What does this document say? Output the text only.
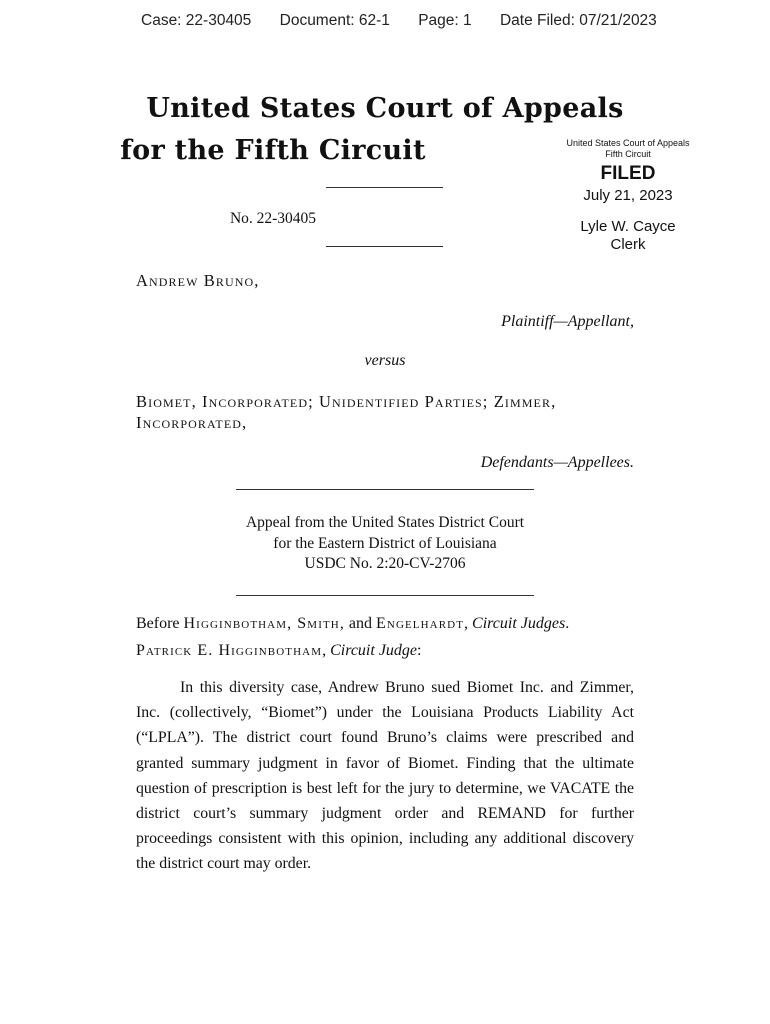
Case: 22-30405 Document: 62-1 Page: 1 Date Filed: 07/21/2023
United States Court of Appeals
for the Fifth Circuit	United States Court of Appeals
Fifth Circuit
FILED
July 21, 2023
Lyle W. Cayce
Clerk
No. 22-30405
Andrew Bruno,
Plaintiff—Appellant,
versus
Biomet, Incorporated; Unidentified Parties; Zimmer,
Incorporated,
Defendants—Appellees.
Appeal from the United States District Court
for the Eastern District of Louisiana
USDC No. 2:20-CV-2706
Before Higginbotham, Smith, and Engelhardt, Circuit Judges.
Patrick E. Higginbotham, Circuit Judge:

In this diversity case, Andrew Bruno sued Biomet Inc. and Zimmer, Inc. (collectively, “Biomet”) under the Louisiana Products Liability Act (“LPLA”). The district court found Bruno’s claims were prescribed and granted summary judgment in favor of Biomet. Finding that the ultimate question of prescription is best left for the jury to determine, we VACATE the district court’s summary judgment order and REMAND for further proceedings consistent with this opinion, including any additional discovery the district court may order.
